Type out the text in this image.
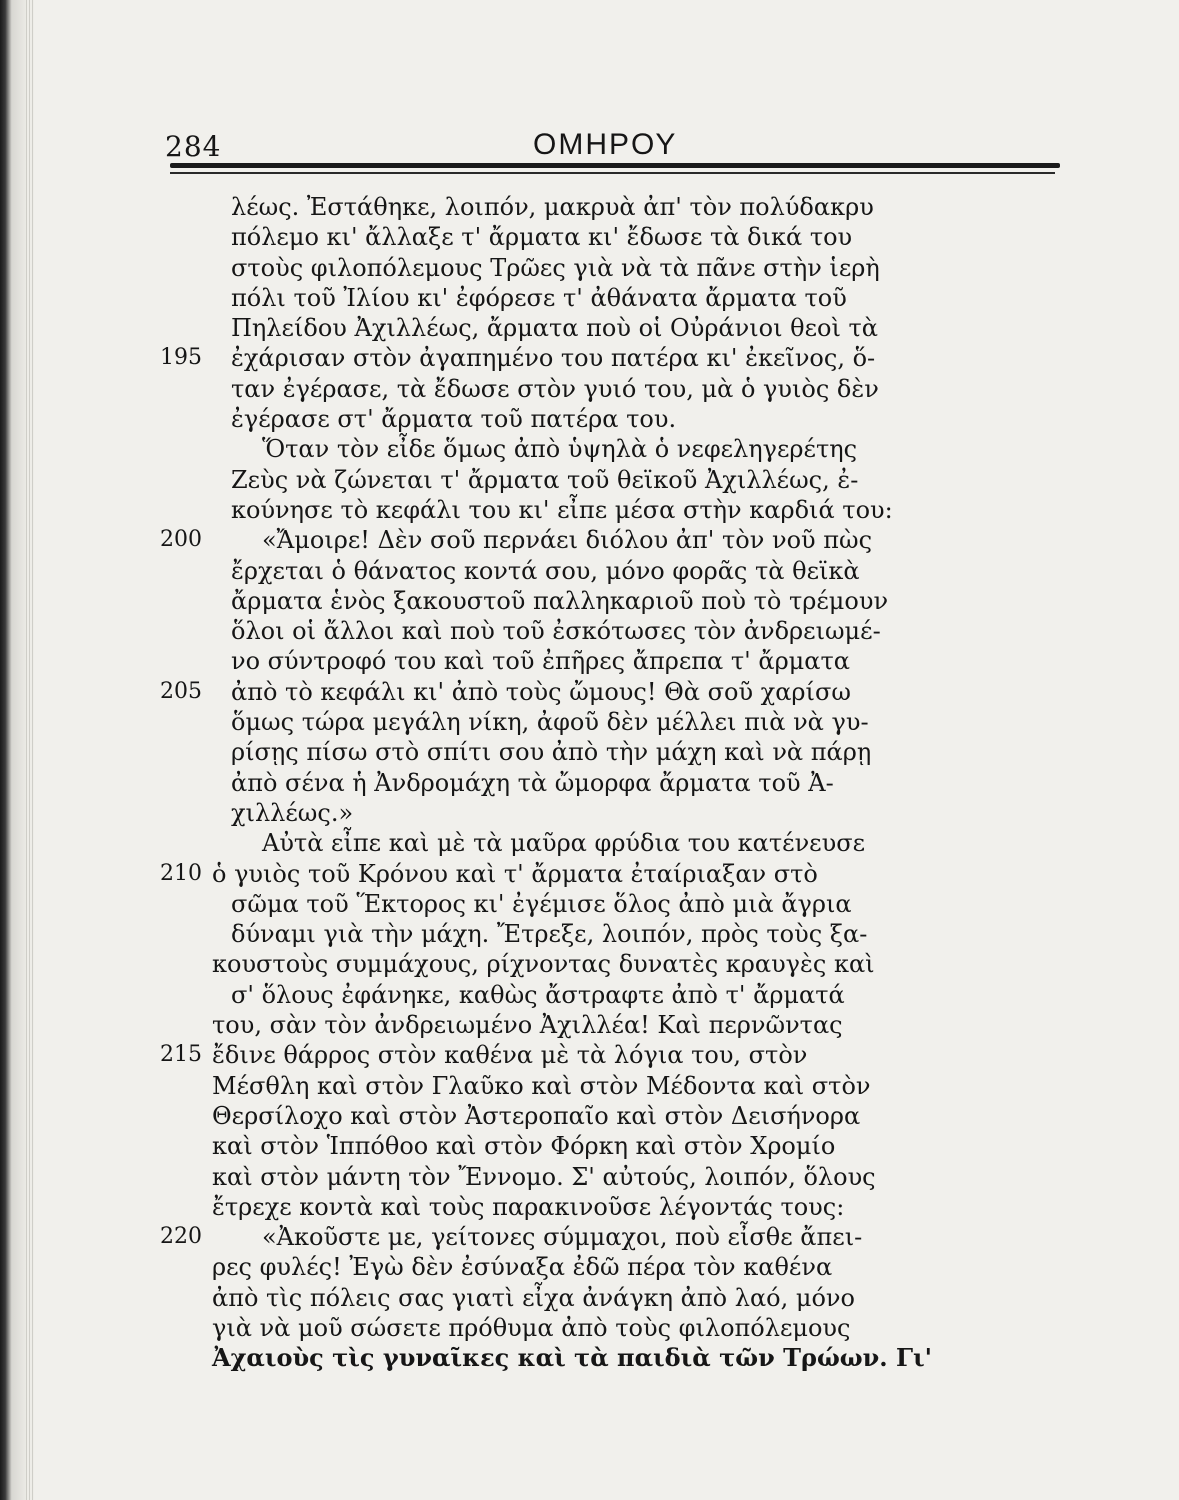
284	ΟΜΗΡΟΥ
λέως. Ἐστάθηκε, λοιπόν, μακρυὰ ἀπ' τὸν πολύδακρυ
πόλεμο κι' ἄλλαξε τ' ἄρματα κι' ἔδωσε τὰ δικά του
στοὺς φιλοπόλεμους Τρῶες γιὰ νὰ τὰ πᾶνε στὴν ἱερὴ
πόλι τοῦ Ἰλίου κι' ἐφόρεσε τ' ἀθάνατα ἄρματα τοῦ
Πηλείδου Ἀχιλλέως, ἄρματα ποὺ οἱ Οὐράνιοι θεοὶ τὰ
195 ἐχάρισαν στὸν ἀγαπημένο του πατέρα κι' ἐκεῖνος, ὅ-
ταν ἐγέρασε, τὰ ἔδωσε στὸν γυιό του, μὰ ὁ γυιὸς δὲν
ἐγέρασε στ' ἄρματα τοῦ πατέρα του.
Ὅταν τὸν εἶδε ὅμως ἀπὸ ὑψηλὰ ὁ νεφεληγερέτης
Ζεὺς νὰ ζώνεται τ' ἄρματα τοῦ θεϊκοῦ Ἀχιλλέως, ἐ-
κούνησε τὸ κεφάλι του κι' εἶπε μέσα στὴν καρδιά του:
200	«Ἄμοιρε! Δὲν σοῦ περνάει διόλου ἀπ' τὸν νοῦ πὼς
ἔρχεται ὁ θάνατος κοντά σου, μόνο φορᾶς τὰ θεϊκὰ
ἄρματα ἑνὸς ξακουστοῦ παλληκαριοῦ ποὺ τὸ τρέμουν
ὅλοι οἱ ἄλλοι καὶ ποὺ τοῦ ἐσκότωσες τὸν ἀνδρειωμέ-
νο σύντροφό του καὶ τοῦ ἐπῆρες ἄπρεπα τ' ἄρματα
205 ἀπὸ τὸ κεφάλι κι' ἀπὸ τοὺς ὤμους! Θὰ σοῦ χαρίσω
ὅμως τώρα μεγάλη νίκη, ἀφοῦ δὲν μέλλει πιὰ νὰ γυ-
ρίσῃς πίσω στὸ σπίτι σου ἀπὸ τὴν μάχη καὶ νὰ πάρῃ
ἀπὸ σένα ἡ Ἀνδρομάχη τὰ ὤμορφα ἄρματα τοῦ Ἀ-
χιλλέως.»
Αὐτὰ εἶπε καὶ μὲ τὰ μαῦρα φρύδια του κατένευσε
210 ὁ γυιὸς τοῦ Κρόνου καὶ τ' ἄρματα ἐταίριαξαν στὸ
σῶμα τοῦ Ἕκτορος κι' ἐγέμισε ὅλος ἀπὸ μιὰ ἄγρια
δύναμι γιὰ τὴν μάχη. Ἔτρεξε, λοιπόν, πρὸς τοὺς ξα-
κουστοὺς συμμάχους, ρίχνοντας δυνατὲς κραυγὲς καὶ
σ' ὅλους ἐφάνηκε, καθὼς ἄστραφτε ἀπὸ τ' ἄρματά
του, σὰν τὸν ἀνδρειωμένο Ἀχιλλέα! Καὶ περνῶντας
215 ἔδινε θάρρος στὸν καθένα μὲ τὰ λόγια του, στὸν
Μέσθλη καὶ στὸν Γλαῦκο καὶ στὸν Μέδοντα καὶ στὸν
Θερσίλοχο καὶ στὸν Ἀστεροπαῖο καὶ στὸν Δεισήνορα
καὶ στὸν Ἱππόθοο καὶ στὸν Φόρκη καὶ στὸν Χρομίο
καὶ στὸν μάντη τὸν Ἔννομο. Σ' αὐτούς, λοιπόν, ὅλους
ἔτρεχε κοντὰ καὶ τοὺς παρακινοῦσε λέγοντάς τους:
220	«Ἀκοῦστε με, γείτονες σύμμαχοι, ποὺ εἶσθε ἄπει-
ρες φυλές! Ἐγὼ δὲν ἐσύναξα ἐδῶ πέρα τὸν καθένα
ἀπὸ τὶς πόλεις σας γιατὶ εἶχα ἀνάγκη ἀπὸ λαό, μόνο
γιὰ νὰ μοῦ σώσετε πρόθυμα ἀπὸ τοὺς φιλοπόλεμους
Ἀχαιοὺς τὶς γυναῖκες καὶ τὰ παιδιὰ τῶν Τρώων. Γι'
